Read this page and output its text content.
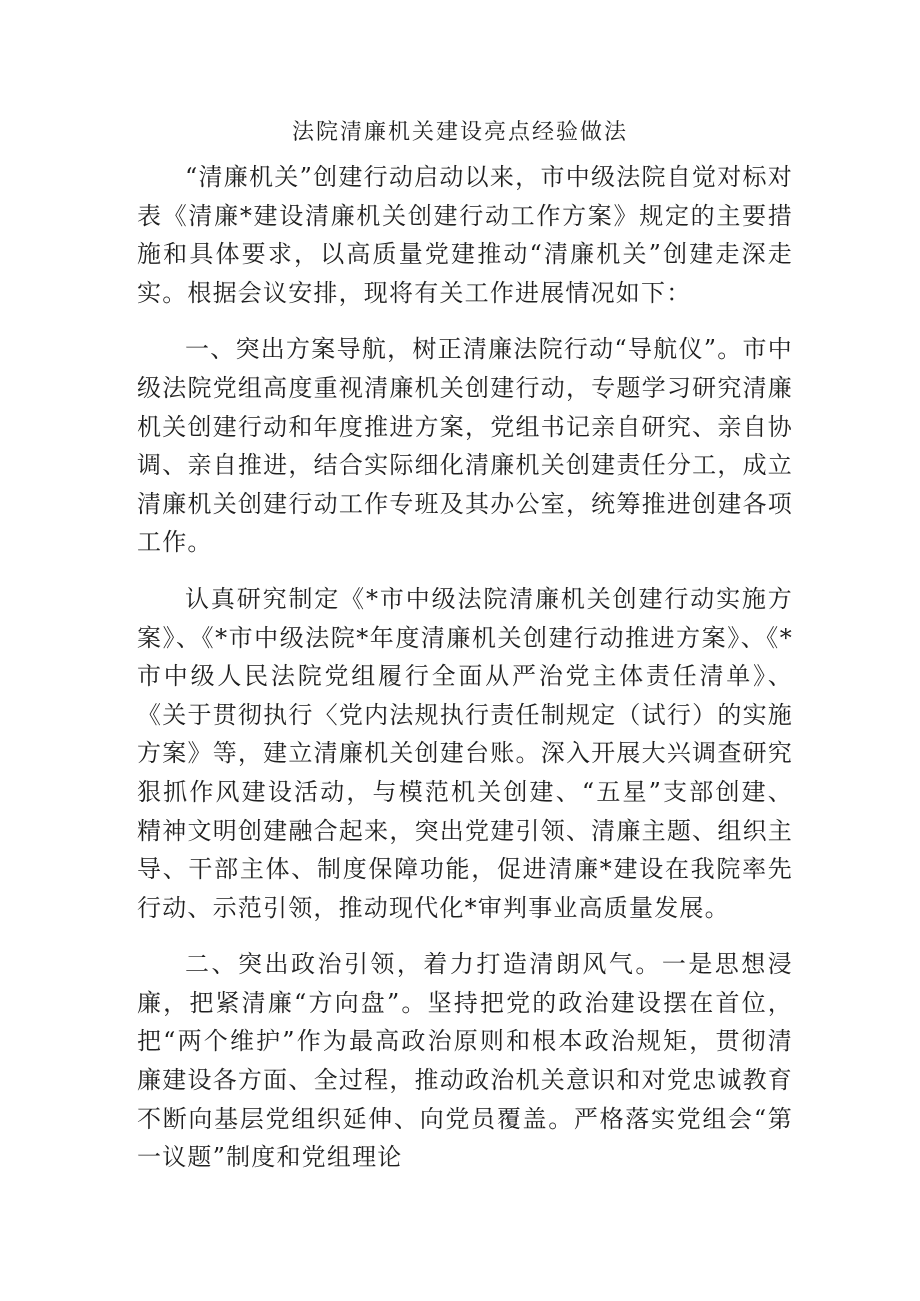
法院清廉机关建设亮点经验做法

“清廉机关”创建行动启动以来，市中级法院自觉对标对表《清廉*建设清廉机关创建行动工作方案》规定的主要措施和具体要求，以高质量党建推动“清廉机关”创建走深走实。根据会议安排，现将有关工作进展情况如下：

一、突出方案导航，树正清廉法院行动“导航仪”。市中级法院党组高度重视清廉机关创建行动，专题学习研究清廉机关创建行动和年度推进方案，党组书记亲自研究、亲自协调、亲自推进，结合实际细化清廉机关创建责任分工，成立清廉机关创建行动工作专班及其办公室，统筹推进创建各项工作。

认真研究制定《*市中级法院清廉机关创建行动实施方案》、《*市中级法院*年度清廉机关创建行动推进方案》、《*市中级人民法院党组履行全面从严治党主体责任清单》、《关于贯彻执行〈党内法规执行责任制规定（试行）的实施方案》等，建立清廉机关创建台账。深入开展大兴调查研究狠抓作风建设活动，与模范机关创建、“五星”支部创建、精神文明创建融合起来，突出党建引领、清廉主题、组织主导、干部主体、制度保障功能，促进清廉*建设在我院率先行动、示范引领，推动现代化*审判事业高质量发展。

二、突出政治引领，着力打造清朗风气。一是思想浸廉，把紧清廉“方向盘”。坚持把党的政治建设摆在首位，把“两个维护”作为最高政治原则和根本政治规矩，贯彻清廉建设各方面、全过程，推动政治机关意识和对党忠诚教育不断向基层党组织延伸、向党员覆盖。严格落实党组会“第一议题”制度和党组理论
